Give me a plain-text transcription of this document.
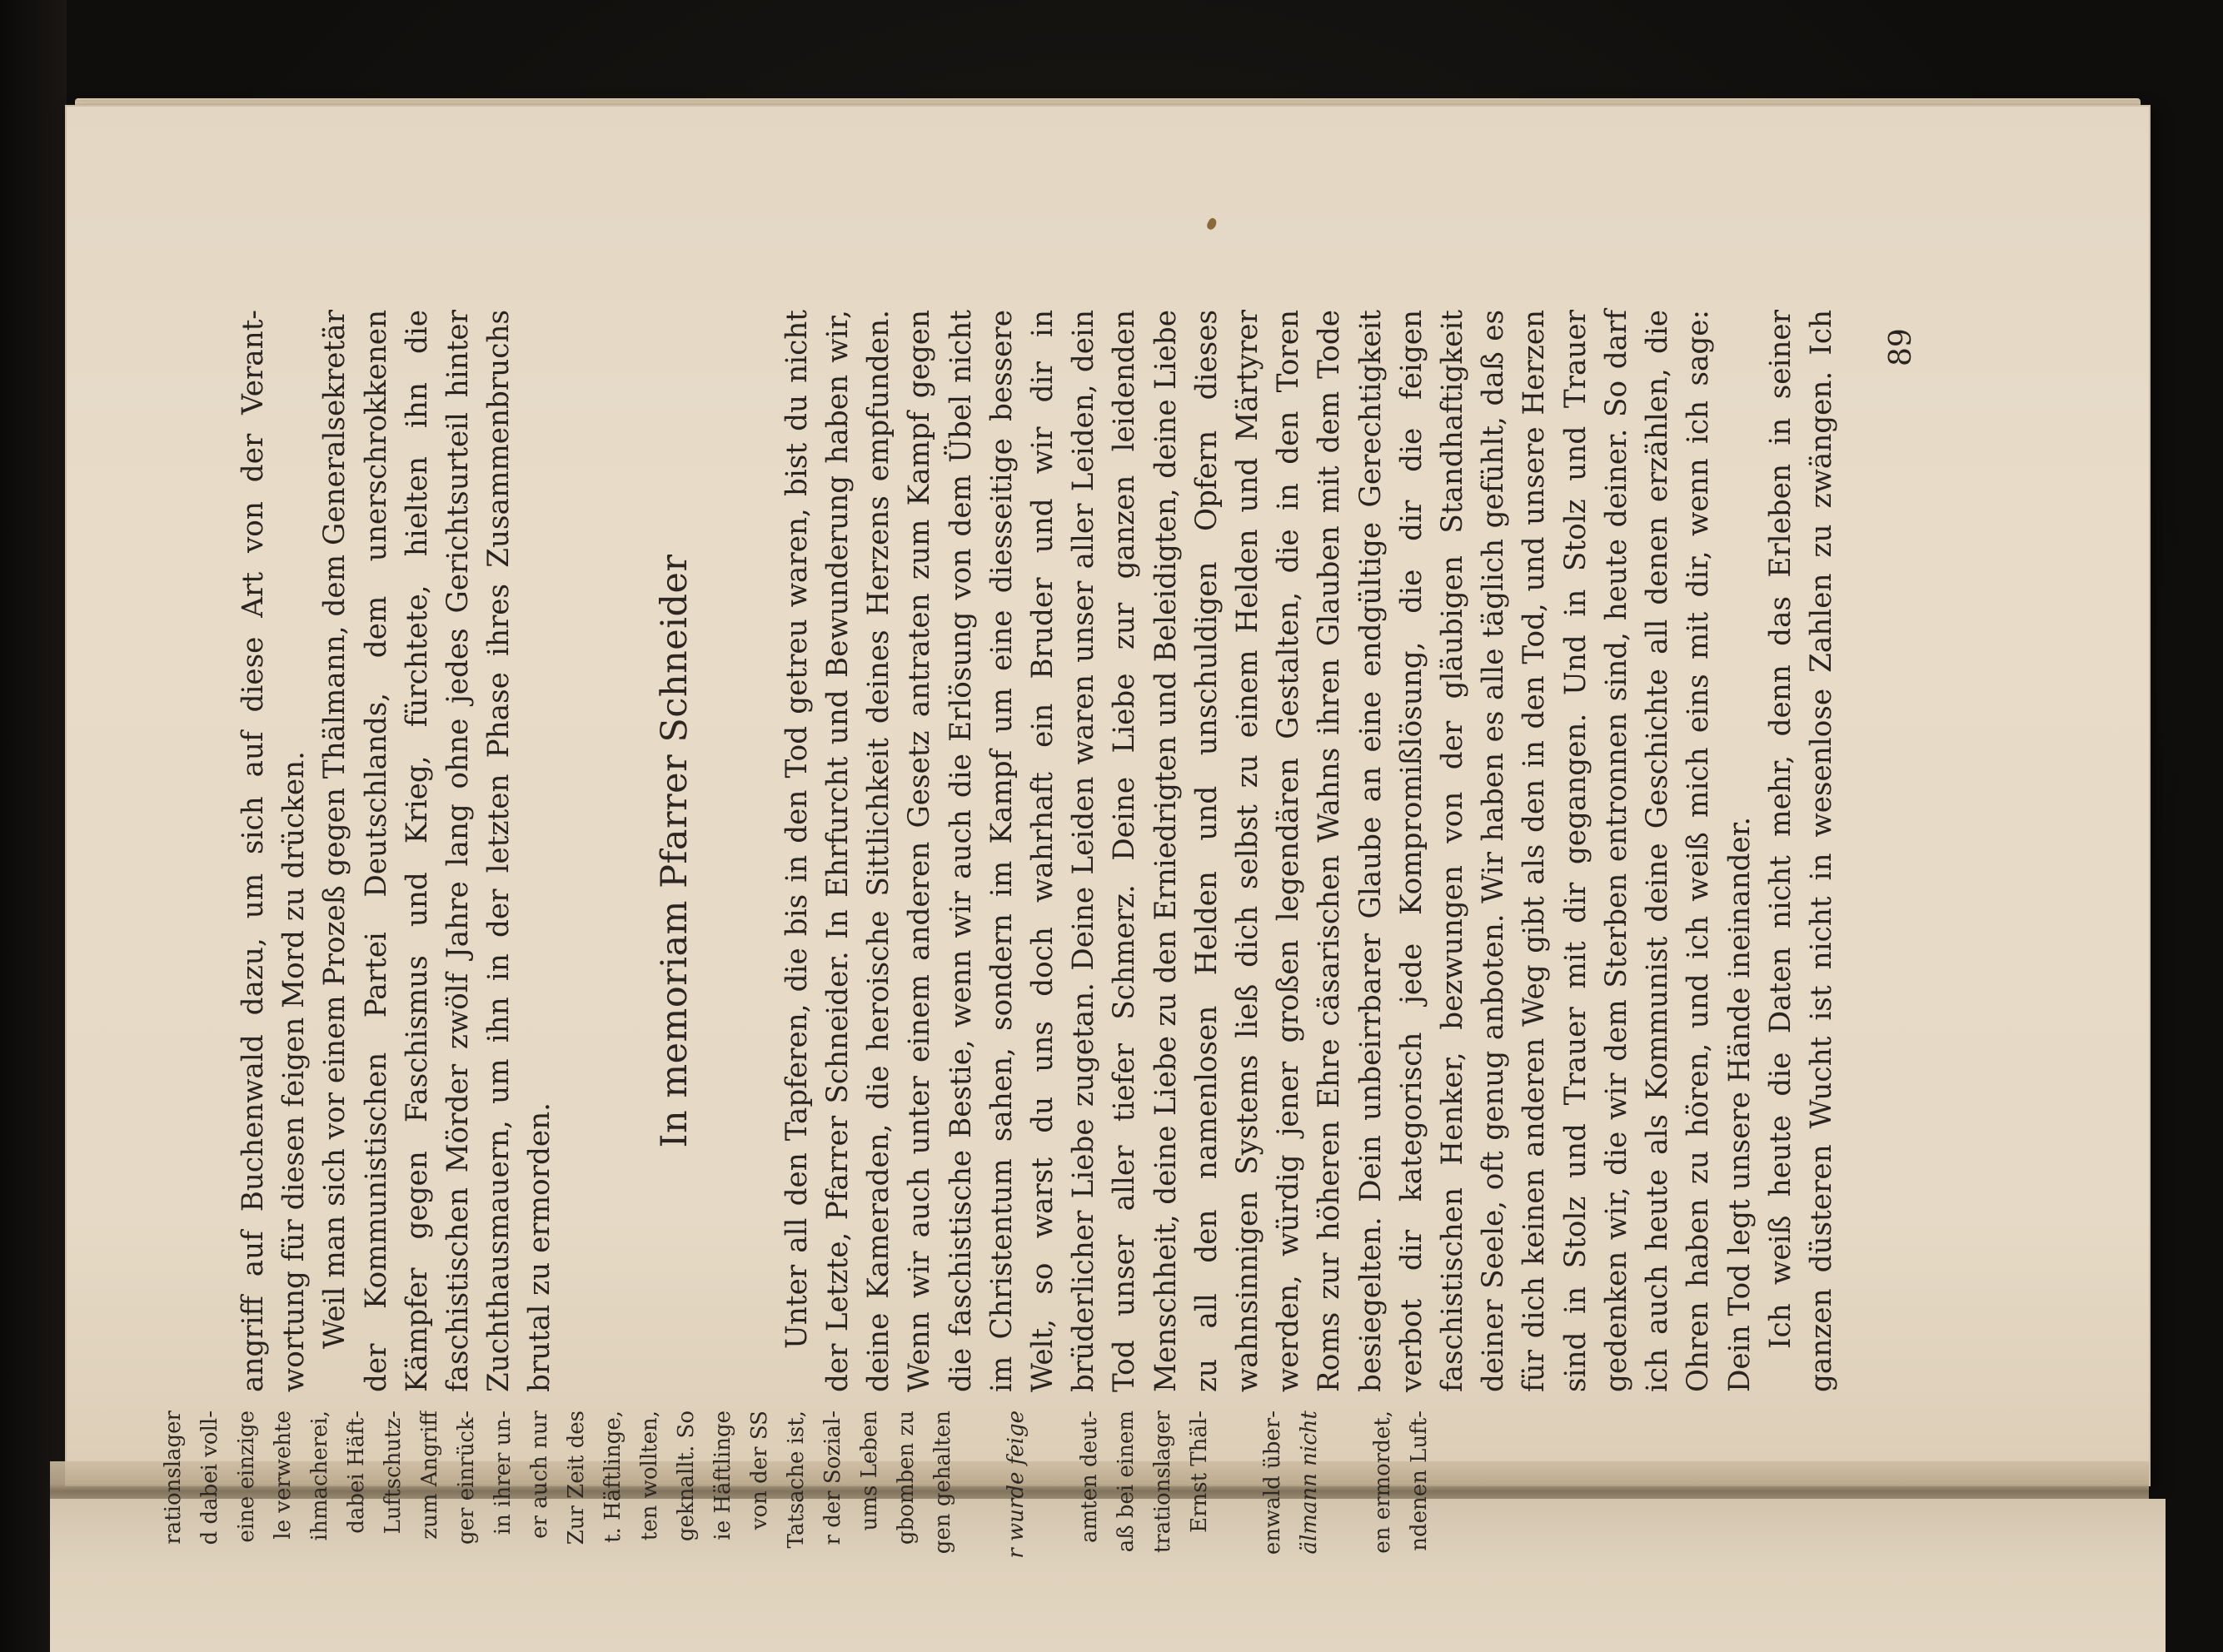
angriff auf Buchenwald dazu, um sich auf diese Art von der Verant- wortung für diesen feigen Mord zu drücken. Weil man sich vor einem Prozeß gegen Thälmann, dem Generalsekretär der Kommunistischen Partei Deutschlands, dem unerschrokkenen Kämpfer gegen Faschismus und Krieg, fürchtete, hielten ihn die faschistischen Mörder zwölf Jahre lang ohne jedes Gerichtsurteil hinter Zuchthausmauern, um ihn in der letzten Phase ihres Zusammenbruchs brutal zu ermorden.

In memoriam Pfarrer Schneider	Unter all den Tapferen, die bis in den Tod getreu waren, bist du nicht der Letzte, Pfarrer Schneider. In Ehrfurcht und Bewunderung haben wir, deine Kameraden, die heroische Sittlichkeit deines Herzens empfunden. Wenn wir auch unter einem anderen Gesetz antraten zum Kampf gegen die faschistische Bestie, wenn wir auch die Erlösung von dem Übel nicht im Christentum sahen, sondern im Kampf um eine diesseitige bessere Welt, so warst du uns doch wahrhaft ein Bruder und wir dir in brüderlicher Liebe zugetan. Deine Leiden waren unser aller Leiden, dein Tod unser aller tiefer Schmerz. Deine Liebe zur ganzen leidenden Menschheit, deine Liebe zu den Erniedrigten und Beleidigten, deine Liebe zu all den namenlosen Helden und unschuldigen Opfern dieses wahnsinnigen Systems ließ dich selbst zu einem Helden und Märtyrer werden, würdig jener großen legendären Gestalten, die in den Toren Roms zur höheren Ehre cäsarischen Wahns ihren Glauben mit dem Tode besiegelten. Dein unbeirrbarer Glaube an eine endgültige Gerechtigkeit verbot dir kategorisch jede Kompromißlösung, die dir die feigen faschistischen Henker, bezwungen von der gläubigen Standhaftigkeit deiner Seele, oft genug anboten. Wir haben es alle täglich gefühlt, daß es für dich keinen anderen Weg gibt als den in den Tod, und unsere Herzen sind in Stolz und Trauer mit dir gegangen. Und in Stolz und Trauer gedenken wir, die wir dem Sterben entronnen sind, heute deiner. So darf ich auch heute als Kommunist deine Geschichte all denen erzählen, die Ohren haben zu hören, und ich weiß mich eins mit dir, wenn ich sage: Dein Tod legt unsere Hände ineinander. Ich weiß heute die Daten nicht mehr, denn das Erleben in seiner ganzen düsteren Wucht ist nicht in wesenlose Zahlen zu zwängen. Ich 89
rationslager d dabei voll- eine einzige le verwehte ihmacherei, dabei Häft- Luftschutz- zum Angriff ger einrück- in ihrer un- er auch nur Zur Zeit des t. Häftlinge, ten wollten, geknallt. So ie Häftlinge von der SS Tatsache ist, r der Sozial- ums Leben gbomben zu gen gehalten r wurde feige amten deut- aß bei einem trationslager Ernst Thäl- enwald über- älmann nicht en ermordet, ndenen Luft-
